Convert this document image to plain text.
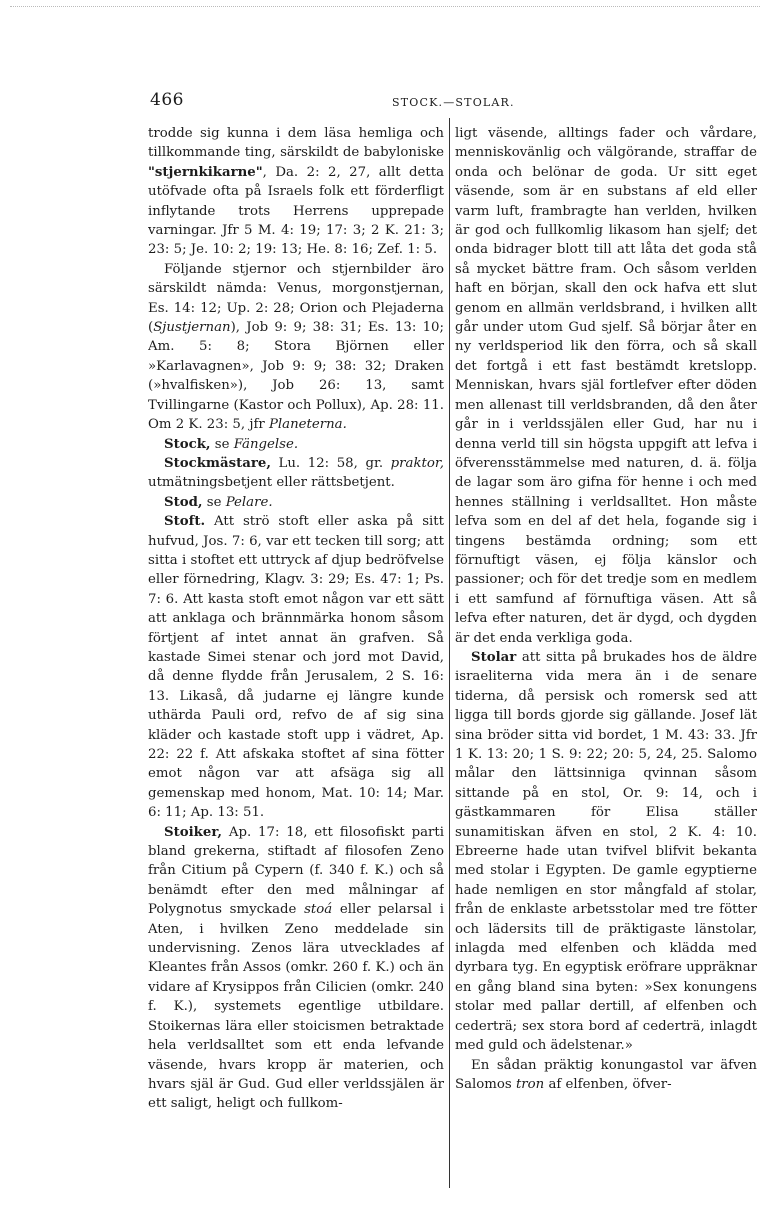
466	STOCK.—STOLAR.

trodde sig kunna i dem läsa hemliga och tillkommande ting, särskildt de babyloniske "stjernkikarne", Da. 2: 2, 27, allt detta utöfvade ofta på Israels folk ett förderfligt inflytande trots Herrens upprepade varningar. Jfr 5 M. 4: 19; 17: 3; 2 K. 21: 3; 23: 5; Je. 10: 2; 19: 13; He. 8: 16; Zef. 1: 5.

Följande stjernor och stjernbilder äro särskildt nämda: Venus, morgonstjernan, Es. 14: 12; Up. 2: 28; Orion och Plejaderna (Sjustjernan), Job 9: 9; 38: 31; Es. 13: 10; Am. 5: 8; Stora Björnen eller »Karlavagnen», Job 9: 9; 38: 32; Draken (»hvalfisken»), Job 26: 13, samt Tvillingarne (Kastor och Pollux), Ap. 28: 11. Om 2 K. 23: 5, jfr Planeterna.

Stock, se Fängelse.

Stockmästare, Lu. 12: 58, gr. praktor, utmätningsbetjent eller rättsbetjent.

Stod, se Pelare.

Stoft. Att strö stoft eller aska på sitt hufvud, Jos. 7: 6, var ett tecken till sorg; att sitta i stoftet ett uttryck af djup bedröfvelse eller förnedring, Klagv. 3: 29; Es. 47: 1; Ps. 7: 6. Att kasta stoft emot någon var ett sätt att anklaga och brännmärka honom såsom förtjent af intet annat än grafven. Så kastade Simei stenar och jord mot David, då denne flydde från Jerusalem, 2 S. 16: 13. Likaså, då judarne ej längre kunde uthärda Pauli ord, refvo de af sig sina kläder och kastade stoft upp i vädret, Ap. 22: 22 f. Att afskaka stoftet af sina fötter emot någon var att afsäga sig all gemenskap med honom, Mat. 10: 14; Mar. 6: 11; Ap. 13: 51.

Stoiker, Ap. 17: 18, ett filosofiskt parti bland grekerna, stiftadt af filosofen Zeno från Citium på Cypern (f. 340 f. K.) och så benämdt efter den med målningar af Polygnotus smyckade stoá eller pelarsal i Aten, i hvilken Zeno meddelade sin undervisning. Zenos lära utvecklades af Kleantes från Assos (omkr. 260 f. K.) och än vidare af Krysippos från Cilicien (omkr. 240 f. K.), systemets egentlige utbildare. Stoikernas lära eller stoicismen betraktade hela verldsalltet som ett enda lefvande väsende, hvars kropp är materien, och hvars själ är Gud. Gud eller verldssjälen är ett saligt, heligt och fullkom-

ligt väsende, alltings fader och vårdare, menniskovänlig och välgörande, straffar de onda och belönar de goda. Ur sitt eget väsende, som är en substans af eld eller varm luft, frambragte han verlden, hvilken är god och fullkomlig likasom han sjelf; det onda bidrager blott till att låta det goda stå så mycket bättre fram. Och såsom verlden haft en början, skall den ock hafva ett slut genom en allmän verldsbrand, i hvilken allt går under utom Gud sjelf. Så börjar åter en ny verldsperiod lik den förra, och så skall det fortgå i ett fast bestämdt kretslopp. Menniskan, hvars själ fortlefver efter döden men allenast till verldsbranden, då den åter går in i verldssjälen eller Gud, har nu i denna verld till sin högsta uppgift att lefva i öfverensstämmelse med naturen, d. ä. följa de lagar som äro gifna för henne i och med hennes ställning i verldsalltet. Hon måste lefva som en del af det hela, fogande sig i tingens bestämda ordning; som ett förnuftigt väsen, ej följa känslor och passioner; och för det tredje som en medlem i ett samfund af förnuftiga väsen. Att så lefva efter naturen, det är dygd, och dygden är det enda verkliga goda.

Stolar att sitta på brukades hos de äldre israeliterna vida mera än i de senare tiderna, då persisk och romersk sed att ligga till bords gjorde sig gällande. Josef lät sina bröder sitta vid bordet, 1 M. 43: 33. Jfr 1 K. 13: 20; 1 S. 9: 22; 20: 5, 24, 25. Salomo målar den lättsinniga qvinnan såsom sittande på en stol, Or. 9: 14, och i gästkammaren för Elisa ställer sunamitiskan äfven en stol, 2 K. 4: 10. Ebreerne hade utan tvifvel blifvit bekanta med stolar i Egypten. De gamle egyptierne hade nemligen en stor mångfald af stolar, från de enklaste arbetsstolar med tre fötter och lädersits till de präktigaste länstolar, inlagda med elfenben och klädda med dyrbara tyg. En egyptisk eröfrare uppräknar en gång bland sina byten: »Sex konungens stolar med pallar dertill, af elfenben och cederträ; sex stora bord af cederträ, inlagdt med guld och ädelstenar.»

En sådan präktig konungastol var äfven Salomos tron af elfenben, öfver-
